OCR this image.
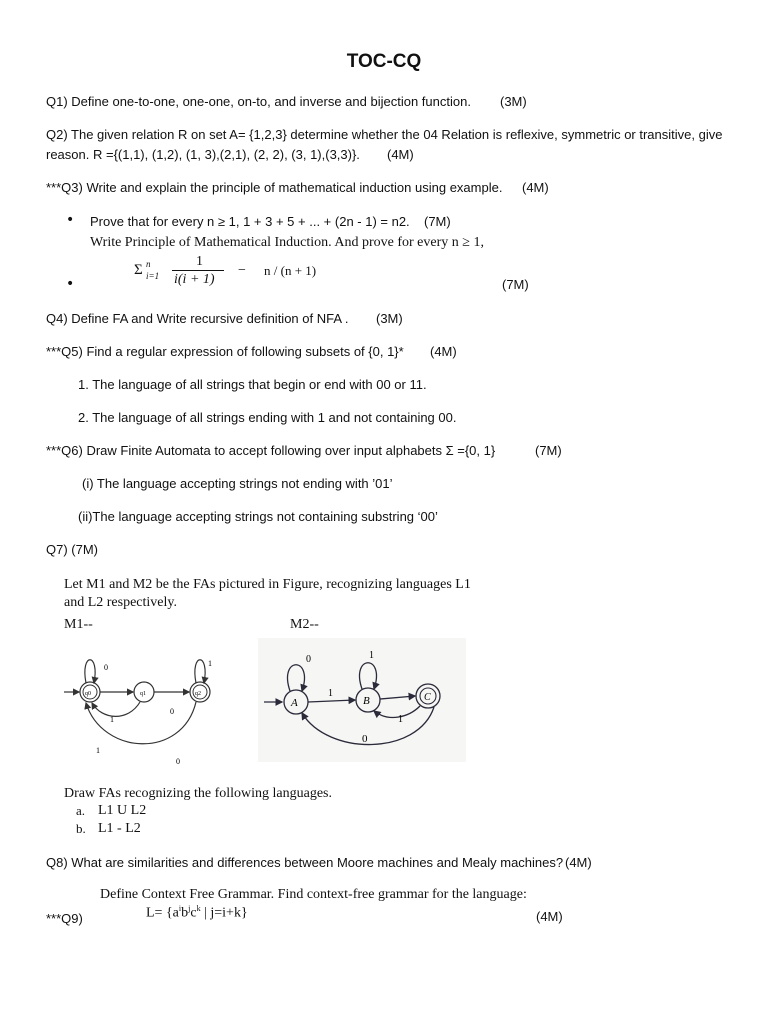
TOC-CQ
Q1) Define one-to-one, one-one, on-to, and inverse and bijection function. (3M)
Q2) The given relation R on set A= {1,2,3} determine whether the 04 Relation is reflexive, symmetric or transitive, give
reason. R ={(1,1), (1,2), (1, 3),(2,1), (2, 2), (3, 1),(3,3)}. (4M)
***Q3) Write and explain the principle of mathematical induction using example. (4M)
• Prove that for every n ≥ 1, 1 + 3 + 5 + ... + (2n - 1) = n2. (7M)
Write Principle of Mathematical Induction. And prove for every n ≥ 1,
•
Σ n
i=1
1
i(i + 1)
− n / (n + 1)
(7M)
Q4) Define FA and Write recursive definition of NFA . (3M)
***Q5) Find a regular expression of following subsets of {0, 1}* (4M)
1. The language of all strings that begin or end with 00 or 11.
2. The language of all strings ending with 1 and not containing 00.
***Q6) Draw Finite Automata to accept following over input alphabets Σ ={0, 1}	(7M)
(i) The language accepting strings not ending with ’01’
(ii)The language accepting strings not containing substring ‘00’
Q7) (7M)
Let M1 and M2 be the FAs pictured in Figure, recognizing languages L1
and L2 respectively.
M1--	M2--
q0	q1	q2
0	1
1
0
1
0
A	B	C
0	1
1
1
0
Draw FAs recognizing the following languages.
a. L1 U L2
b. L1 - L2
Q8) What are similarities and differences between Moore machines and Mealy machines? (4M)
Define Context Free Grammar. Find context-free grammar for the language:
***Q9)	$L= \{a^ib^jc^k$ | j=i+k}	(4M)
